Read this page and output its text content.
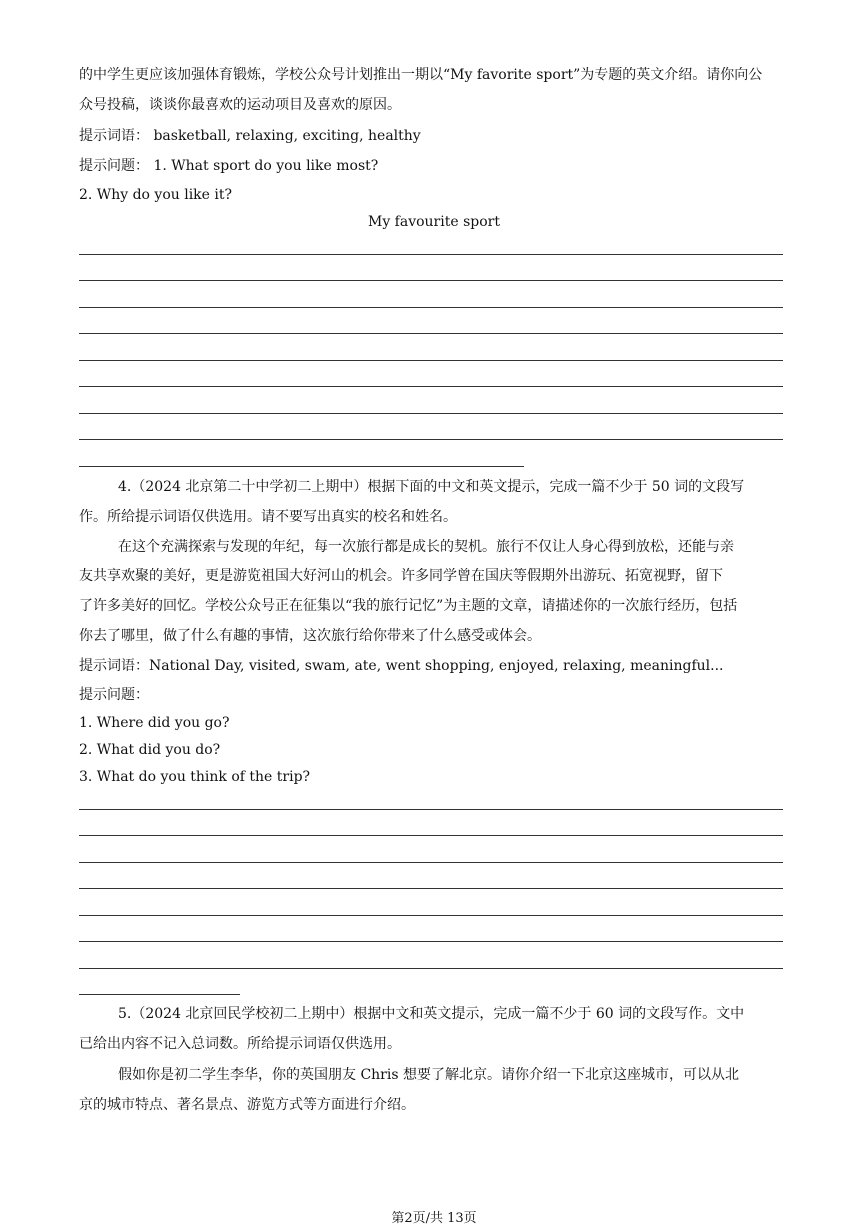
的中学生更应该加强体育锻炼，学校公众号计划推出一期以“My favorite sport”为专题的英文介绍。请你向公
众号投稿，谈谈你最喜欢的运动项目及喜欢的原因。
提示词语： basketball, relaxing, exciting, healthy
提示问题： 1. What sport do you like most?
2. Why do you like it?
My favourite sport
4.（2024 北京第二十中学初二上期中）根据下面的中文和英文提示，完成一篇不少于 50 词的文段写
作。所给提示词语仅供选用。请不要写出真实的校名和姓名。
在这个充满探索与发现的年纪，每一次旅行都是成长的契机。旅行不仅让人身心得到放松，还能与亲
友共享欢聚的美好，更是游览祖国大好河山的机会。许多同学曾在国庆等假期外出游玩、拓宽视野，留下
了许多美好的回忆。学校公众号正在征集以“我的旅行记忆”为主题的文章，请描述你的一次旅行经历，包括
你去了哪里，做了什么有趣的事情，这次旅行给你带来了什么感受或体会。
提示词语：National Day, visited, swam, ate, went shopping, enjoyed, relaxing, meaningful...
提示问题：
1. Where did you go?
2. What did you do?
3. What do you think of the trip?
5.（2024 北京回民学校初二上期中）根据中文和英文提示，完成一篇不少于 60 词的文段写作。文中
已给出内容不记入总词数。所给提示词语仅供选用。
假如你是初二学生李华，你的英国朋友 Chris 想要了解北京。请你介绍一下北京这座城市，可以从北
京的城市特点、著名景点、游览方式等方面进行介绍。
第2页/共 13页
